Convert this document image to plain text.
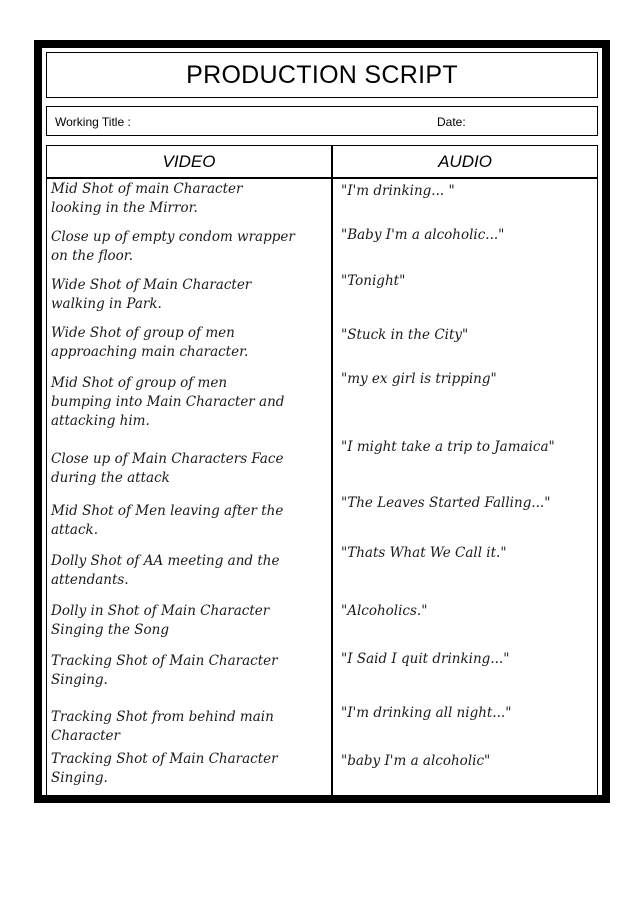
PRODUCTION SCRIPT
Working Title :	Date:
VIDEO	AUDIO
Mid Shot of main Character
looking in the Mirror.
"I'm drinking... "
Close up of empty condom wrapper
on the floor.
"Baby I'm a alcoholic..."
Wide Shot of Main Character
walking in Park.
"Tonight"
Wide Shot of group of men
approaching main character.
"Stuck in the City"
Mid Shot of group of men
bumping into Main Character and
attacking him.
"my ex girl is tripping"
Close up of Main Characters Face
during the attack
"I might take a trip to Jamaica"
Mid Shot of Men leaving after the
attack.
"The Leaves Started Falling..."
Dolly Shot of AA meeting and the
attendants.
"Thats What We Call it."
Dolly in Shot of Main Character
Singing the Song
"Alcoholics."
Tracking Shot of Main Character
Singing.
"I Said I quit drinking..."
Tracking Shot from behind main
Character
"I'm drinking all night..."
Tracking Shot of Main Character
Singing.
"baby I'm a alcoholic"
